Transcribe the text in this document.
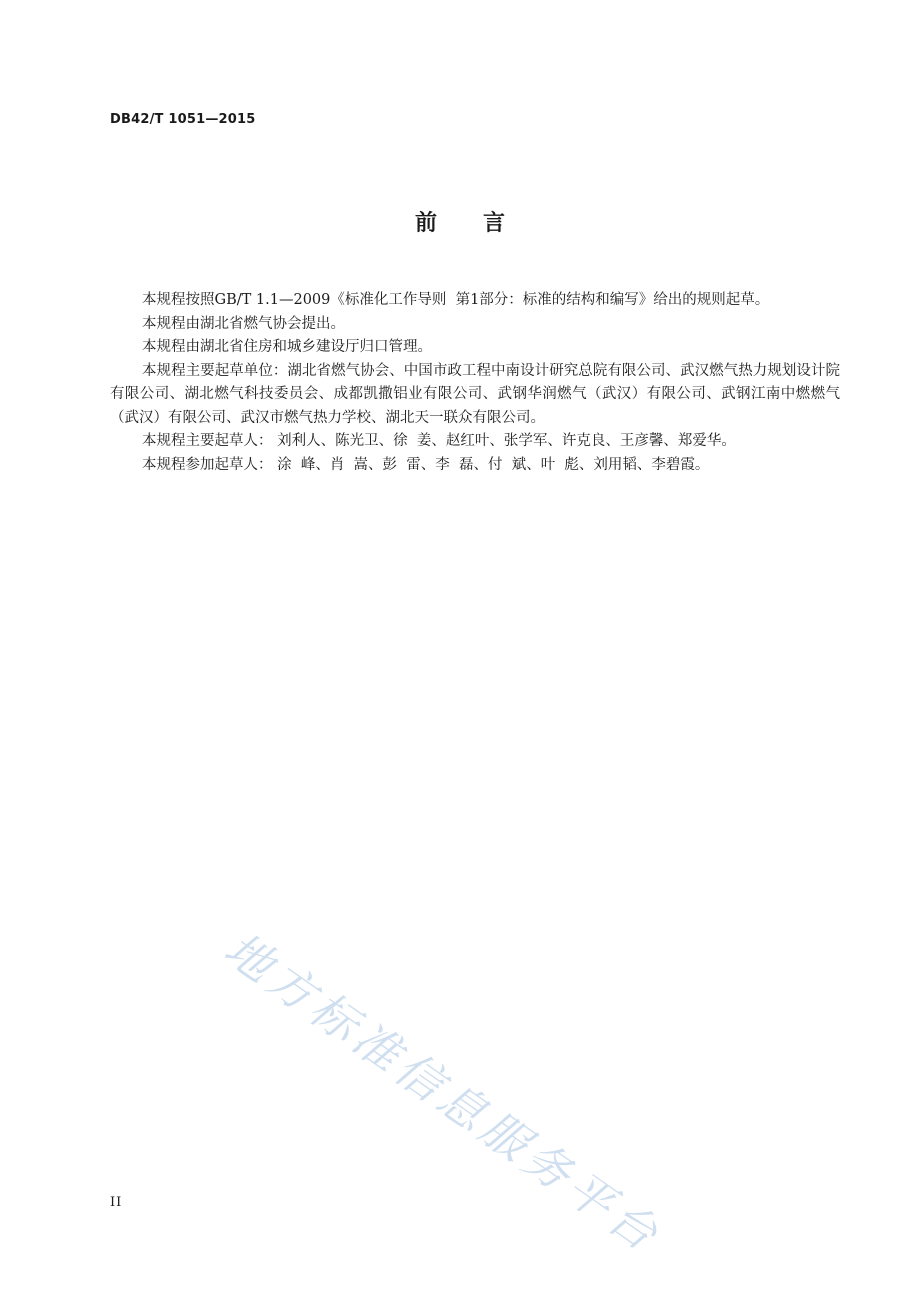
DB42/T 1051—2015
前 言

本规程按照GB/T 1.1—2009《标准化工作导则  第1部分：标准的结构和编写》给出的规则起草。

本规程由湖北省燃气协会提出。

本规程由湖北省住房和城乡建设厅归口管理。

本规程主要起草单位：湖北省燃气协会、中国市政工程中南设计研究总院有限公司、武汉燃气热力规划设计院有限公司、湖北燃气科技委员会、成都凯撒铝业有限公司、武钢华润燃气（武汉）有限公司、武钢江南中燃燃气（武汉）有限公司、武汉市燃气热力学校、湖北天一联众有限公司。

本规程主要起草人： 刘利人、陈光卫、徐  姜、赵红叶、张学军、许克良、王彦馨、郑爱华。

本规程参加起草人： 涂  峰、肖  嵩、彭  雷、李  磊、付  斌、叶  彪、刘用韬、李碧霞。

地方标准信息服务平台
II
